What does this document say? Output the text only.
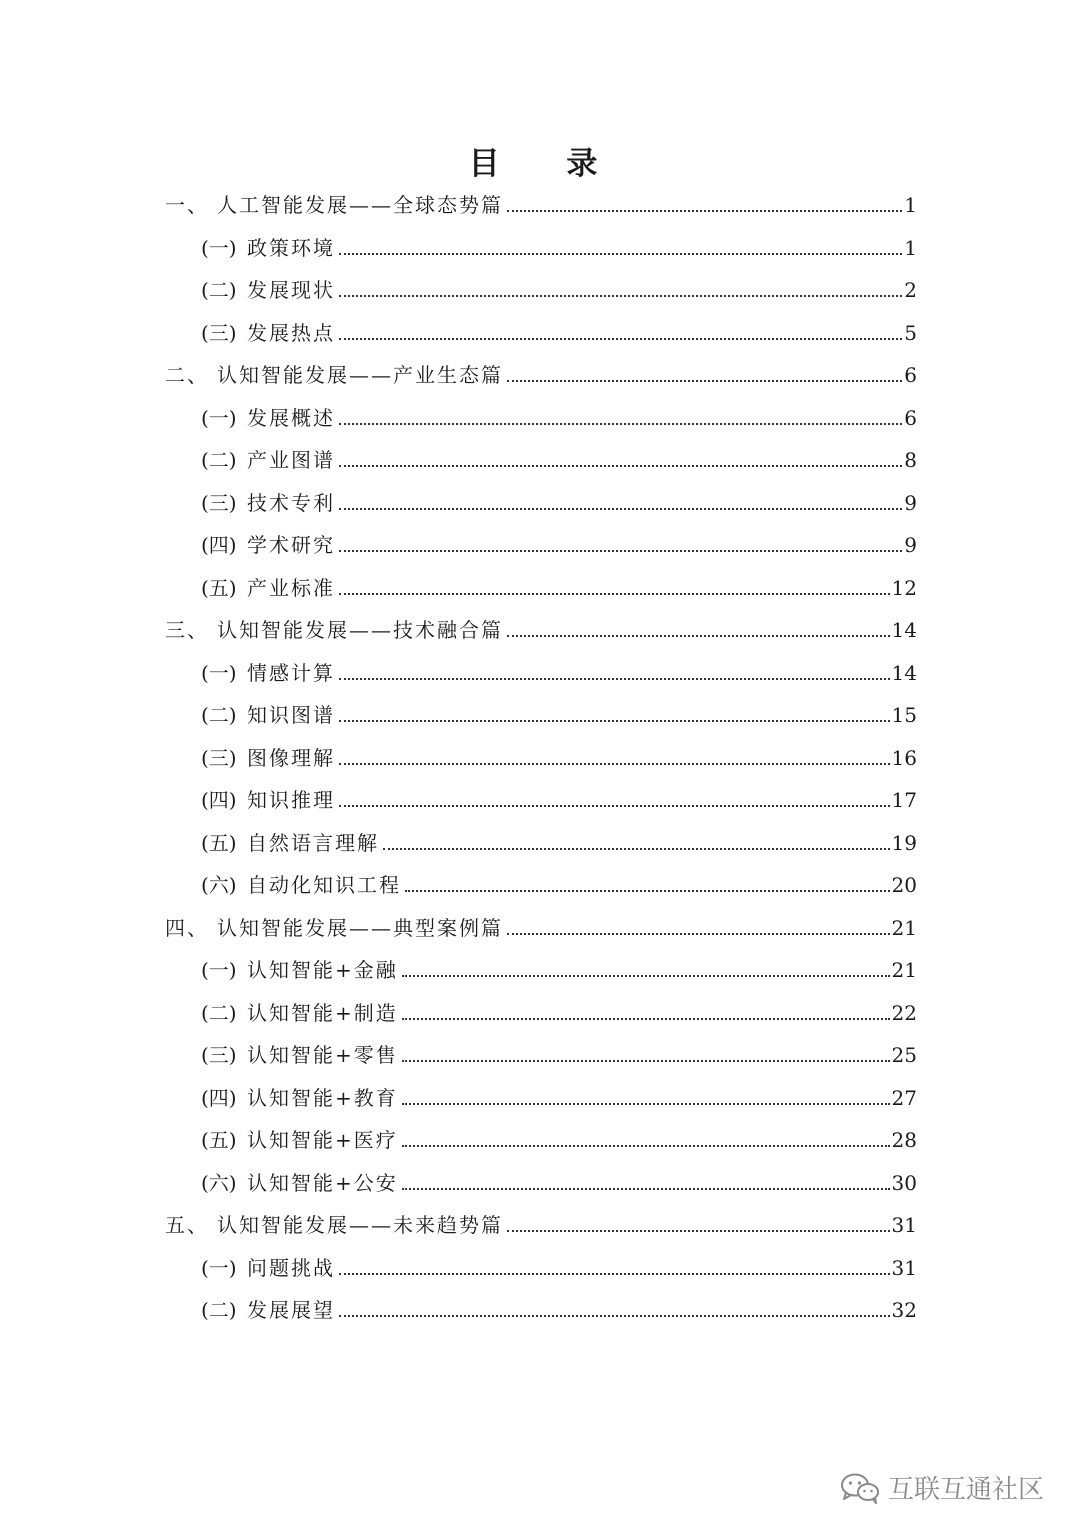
目 录
一、 人工智能发展——全球态势篇	1
(一) 政策环境	1
(二) 发展现状	2
(三) 发展热点	5
二、 认知智能发展——产业生态篇	6
(一) 发展概述	6
(二) 产业图谱	8
(三) 技术专利	9
(四) 学术研究	9
(五) 产业标准	12
三、 认知智能发展——技术融合篇	14
(一) 情感计算	14
(二) 知识图谱	15
(三) 图像理解	16
(四) 知识推理	17
(五) 自然语言理解	19
(六) 自动化知识工程	20
四、 认知智能发展——典型案例篇	21
(一) 认知智能+金融	21
(二) 认知智能+制造	22
(三) 认知智能+零售	25
(四) 认知智能+教育	27
(五) 认知智能+医疗	28
(六) 认知智能+公安	30
五、 认知智能发展——未来趋势篇	31
(一) 问题挑战	31
(二) 发展展望	32
互联互通社区
